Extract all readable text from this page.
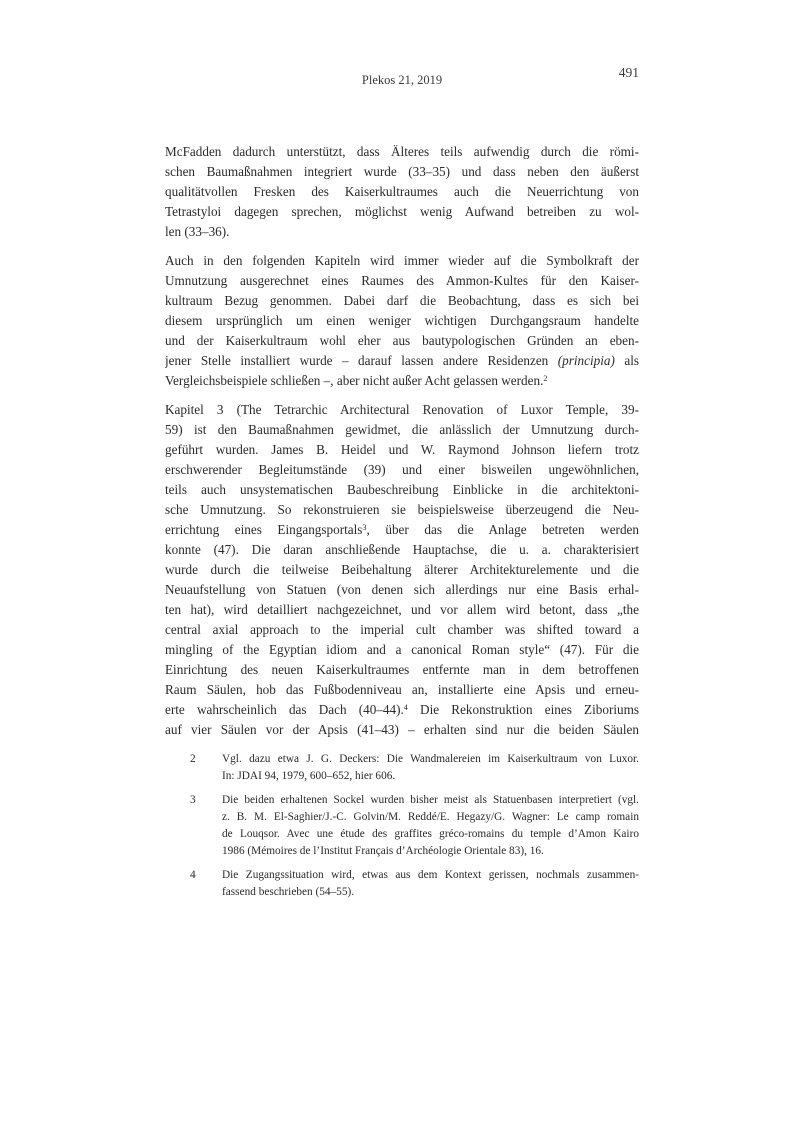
Plekos 21, 2019	491
McFadden dadurch unterstützt, dass Älteres teils aufwendig durch die römi-
schen Baumaßnahmen integriert wurde (33–35) und dass neben den äußerst
qualitätvollen Fresken des Kaiserkultraumes auch die Neuerrichtung von
Tetrastyloi dagegen sprechen, möglichst wenig Aufwand betreiben zu wol-
len (33–36).
Auch in den folgenden Kapiteln wird immer wieder auf die Symbolkraft der
Umnutzung ausgerechnet eines Raumes des Ammon-Kultes für den Kaiser-
kultraum Bezug genommen. Dabei darf die Beobachtung, dass es sich bei
diesem ursprünglich um einen weniger wichtigen Durchgangsraum handelte
und der Kaiserkultraum wohl eher aus bautypologischen Gründen an eben-
jener Stelle installiert wurde – darauf lassen andere Residenzen (principia) als
Vergleichsbeispiele schließen –, aber nicht außer Acht gelassen werden.$^2$
Kapitel 3 (The Tetrarchic Architectural Renovation of Luxor Temple, 39-
59) ist den Baumaßnahmen gewidmet, die anlässlich der Umnutzung durch-
geführt wurden. James B. Heidel und W. Raymond Johnson liefern trotz
erschwerender Begleitumstände (39) und einer bisweilen ungewöhnlichen,
teils auch unsystematischen Baubeschreibung Einblicke in die architektoni-
sche Umnutzung. So rekonstruieren sie beispielsweise überzeugend die Neu-
errichtung eines Eingangsportals$^3$, über das die Anlage betreten werden
konnte (47). Die daran anschließende Hauptachse, die u. a. charakterisiert
wurde durch die teilweise Beibehaltung älterer Architekturelemente und die
Neuaufstellung von Statuen (von denen sich allerdings nur eine Basis erhal-
ten hat), wird detailliert nachgezeichnet, und vor allem wird betont, dass „the
central axial approach to the imperial cult chamber was shifted toward a
mingling of the Egyptian idiom and a canonical Roman style“ (47). Für die
Einrichtung des neuen Kaiserkultraumes entfernte man in dem betroffenen
Raum Säulen, hob das Fußbodenniveau an, installierte eine Apsis und erneu-
erte wahrscheinlich das Dach (40–44).$^4$ Die Rekonstruktion eines Ziboriums
auf vier Säulen vor der Apsis (41–43) – erhalten sind nur die beiden Säulen
2	Vgl. dazu etwa J. G. Deckers: Die Wandmalereien im Kaiserkultraum von Luxor.
In: JDAI 94, 1979, 600–652, hier 606.
3	Die beiden erhaltenen Sockel wurden bisher meist als Statuenbasen interpretiert (vgl.
z. B. M. El-Saghier/J.-C. Golvin/M. Reddé/E. Hegazy/G. Wagner: Le camp romain
de Louqsor. Avec une étude des graffites gréco-romains du temple d’Amon Kairo
1986 (Mémoires de l’Institut Français d’Archéologie Orientale 83), 16.
4	Die Zugangssituation wird, etwas aus dem Kontext gerissen, nochmals zusammen-
fassend beschrieben (54–55).
